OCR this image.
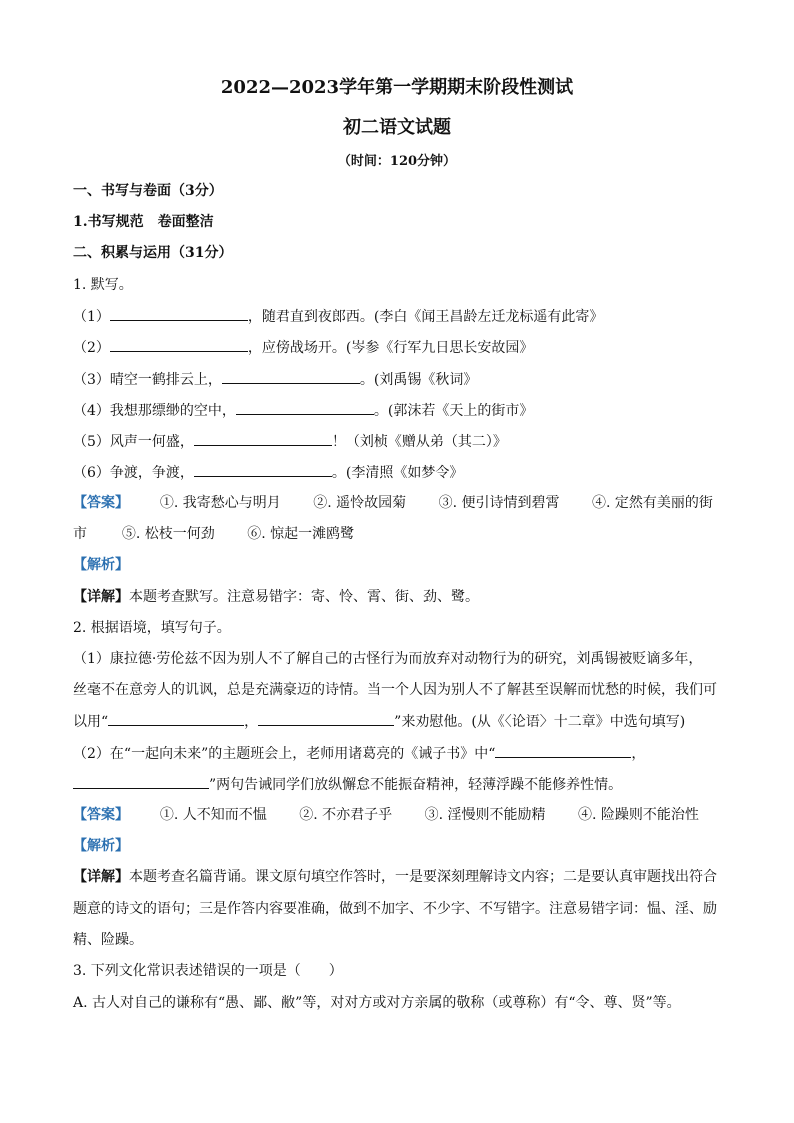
2022—2023学年第一学期期末阶段性测试
初二语文试题
（时间：120分钟）
一、书写与卷面（3分）
1.书写规范　卷面整洁
二、积累与运用（31分）
1. 默写。
（1）	，随君直到夜郎西。(李白《闻王昌龄左迁龙标遥有此寄》
（2）	，应傍战场开。(岑参《行军九日思长安故园》
（3）晴空一鹤排云上，	。(刘禹锡《秋词》
（4）我想那缥缈的空中，	。(郭沫若《天上的街市》
（5）风声一何盛，	！（刘桢《赠从弟（其二）》
（6）争渡，争渡，	。(李清照《如梦令》
【答案】 ①. 我寄愁心与明月 ②. 遥怜故园菊 ③. 便引诗情到碧霄 ④. 定然有美丽的街
市 ⑤. 松枝一何劲 ⑥. 惊起一滩鸥鹭
【解析】
【详解】本题考查默写。注意易错字：寄、怜、霄、街、劲、鹭。
2. 根据语境，填写句子。
（1）康拉德·劳伦兹不因为别人不了解自己的古怪行为而放弃对动物行为的研究，刘禹锡被贬谪多年，
丝毫不在意旁人的讥讽，总是充满豪迈的诗情。当一个人因为别人不了解甚至误解而忧愁的时候，我们可
以用“	，	”来劝慰他。(从《〈论语〉十二章》中选句填写)
（2）在“一起向未来”的主题班会上，老师用诸葛亮的《诫子书》中“	，
”两句告诫同学们放纵懈怠不能振奋精神，轻薄浮躁不能修养性情。
【答案】 ①. 人不知而不愠 ②. 不亦君子乎 ③. 淫慢则不能励精 ④. 险躁则不能治性
【解析】
【详解】本题考查名篇背诵。课文原句填空作答时，一是要深刻理解诗文内容；二是要认真审题找出符合
题意的诗文的语句；三是作答内容要准确，做到不加字、不少字、不写错字。注意易错字词：愠、淫、励
精、险躁。
3. 下列文化常识表述错误的一项是（　　）
A. 古人对自己的谦称有“愚、鄙、敝”等，对对方或对方亲属的敬称（或尊称）有“令、尊、贤”等。
